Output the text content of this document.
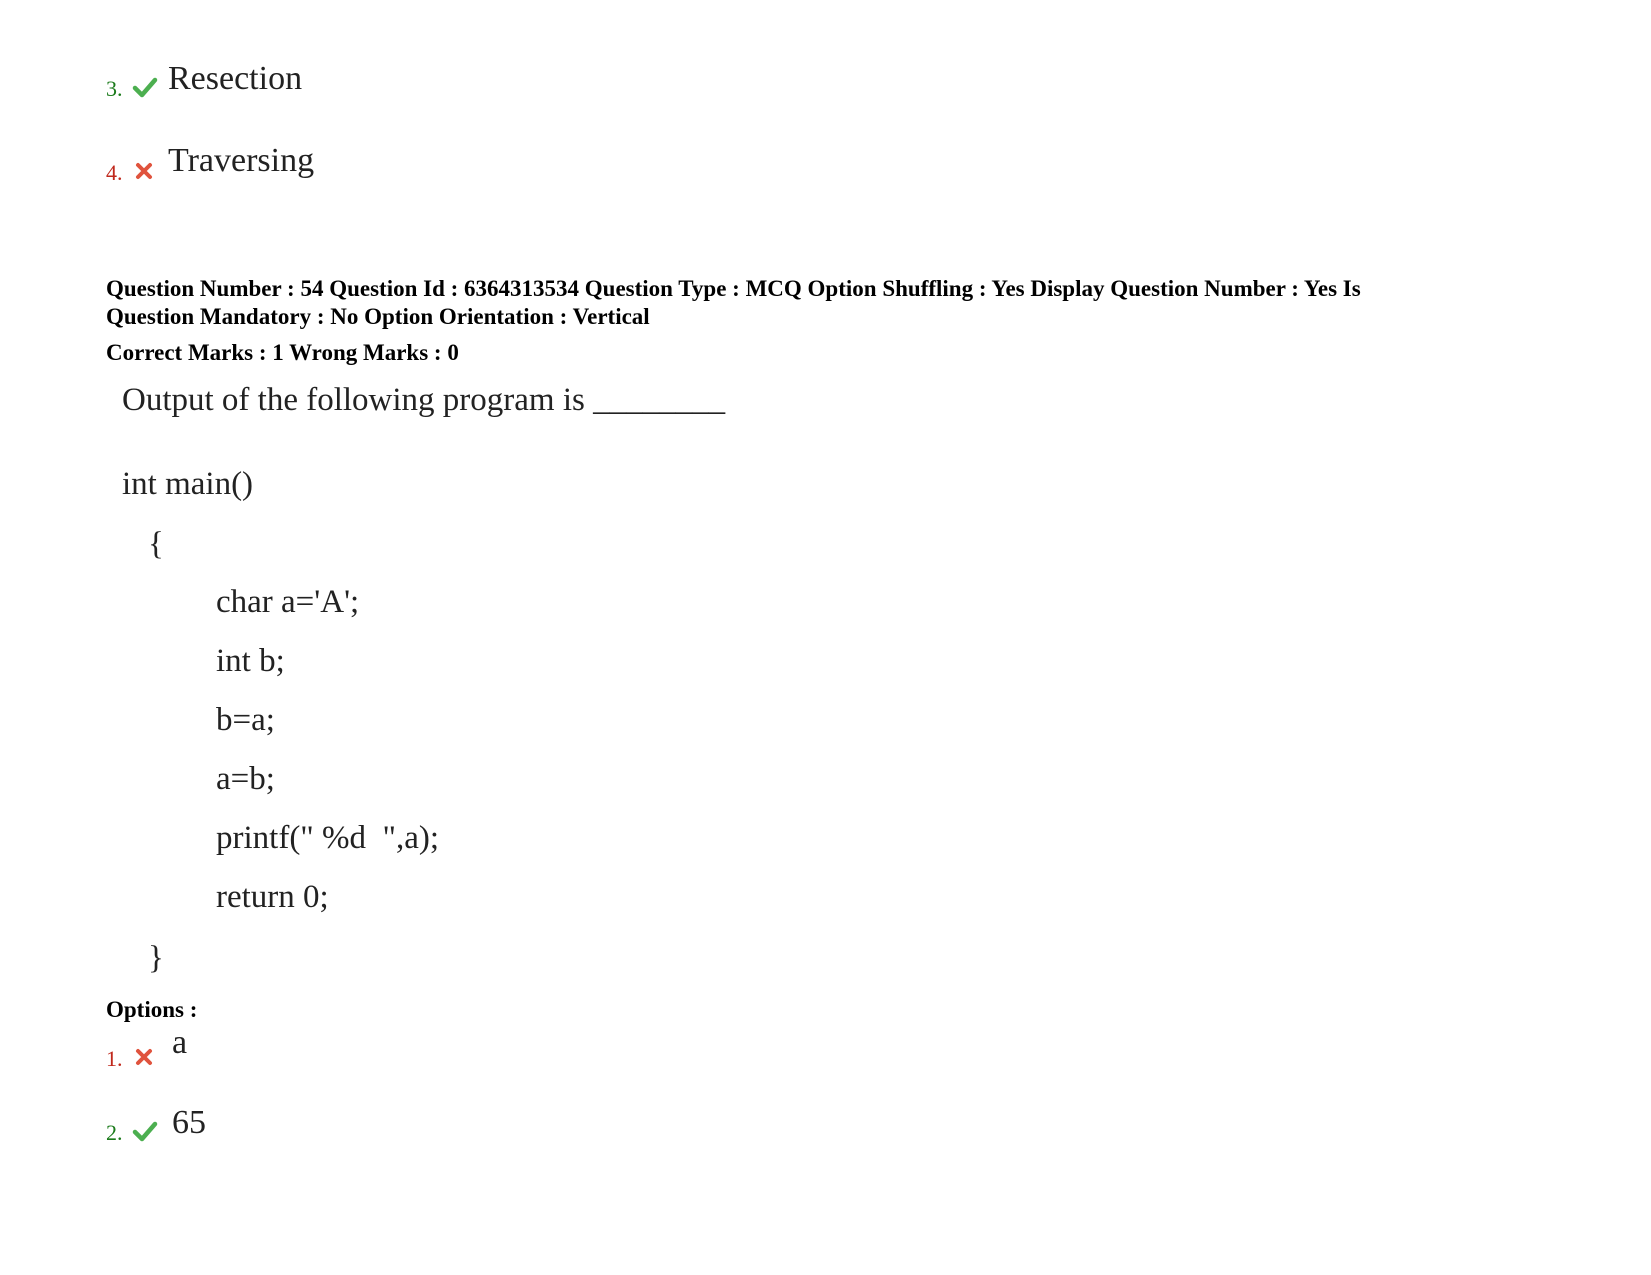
3. Resection
4. Traversing
Question Number : 54 Question Id : 6364313534 Question Type : MCQ Option Shuffling : Yes Display Question Number : Yes Is
Question Mandatory : No Option Orientation : Vertical
Correct Marks : 1 Wrong Marks : 0
Output of the following program is ________
int main()
{
char a='A';
int b;
b=a;
a=b;
printf(" %d  ",a);
return 0;
}
Options :
1. a
2. 65
